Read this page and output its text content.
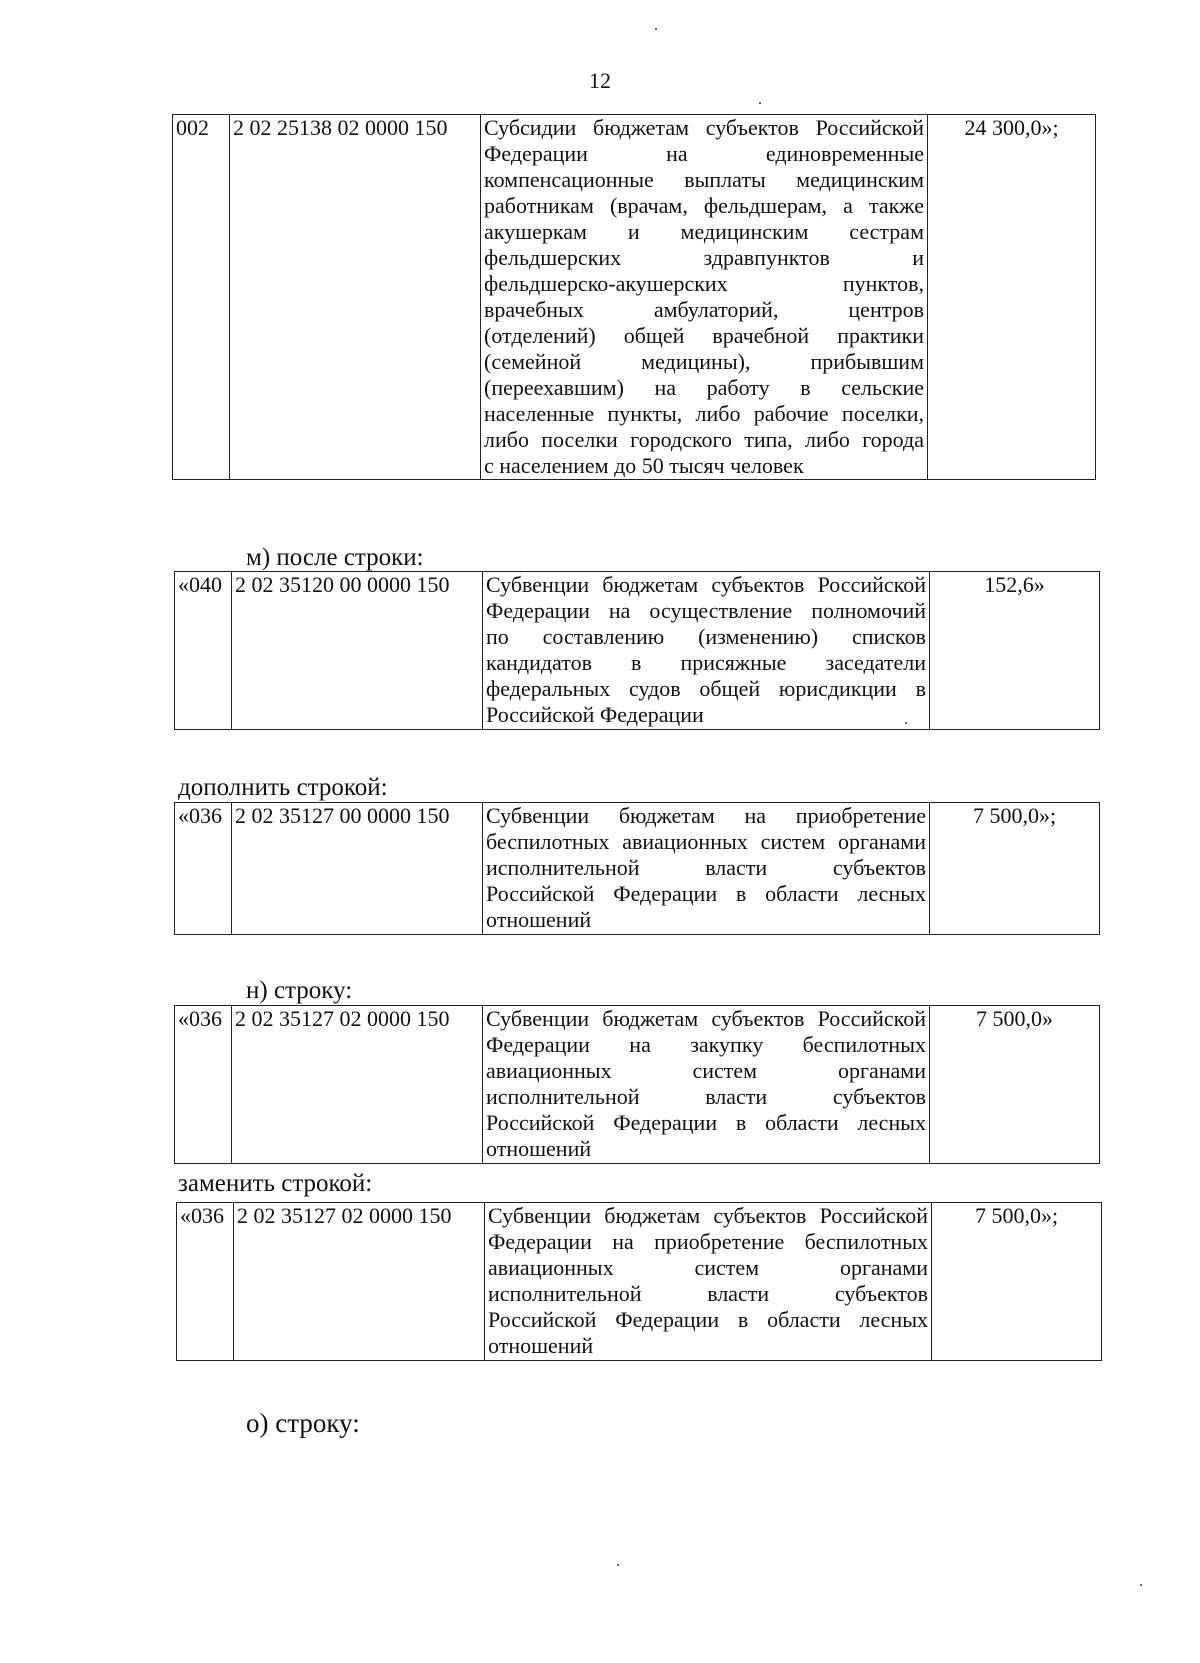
12
002	2 02 25138 02 0000 150	Субсидии бюджетам субъектов Российской
Федерации на единовременные
компенсационные выплаты медицинским
работникам (врачам, фельдшерам, а также
акушеркам и медицинским сестрам
фельдшерских здравпунктов и
фельдшерско-акушерских пунктов,
врачебных амбулаторий, центров
(отделений) общей врачебной практики
(семейной медицины), прибывшим
(переехавшим) на работу в сельские
населенные пункты, либо рабочие поселки,
либо поселки городского типа, либо города
с населением до 50 тысяч человек
	24 300,0»;
м) после строки:
«040	2 02 35120 00 0000 150	Субвенции бюджетам субъектов Российской
Федерации на осуществление полномочий
по составлению (изменению) списков
кандидатов в присяжные заседатели
федеральных судов общей юрисдикции в
Российской Федерации
	152,6»
дополнить строкой:
«036	2 02 35127 00 0000 150	Субвенции бюджетам на приобретение
беспилотных авиационных систем органами
исполнительной власти субъектов
Российской Федерации в области лесных
отношений
	7 500,0»;
н) строку:
«036	2 02 35127 02 0000 150	Субвенции бюджетам субъектов Российской
Федерации на закупку беспилотных
авиационных систем органами
исполнительной власти субъектов
Российской Федерации в области лесных
отношений
	7 500,0»
заменить строкой:
«036	2 02 35127 02 0000 150	Субвенции бюджетам субъектов Российской
Федерации на приобретение беспилотных
авиационных систем органами
исполнительной власти субъектов
Российской Федерации в области лесных
отношений
	7 500,0»;
о) строку:
